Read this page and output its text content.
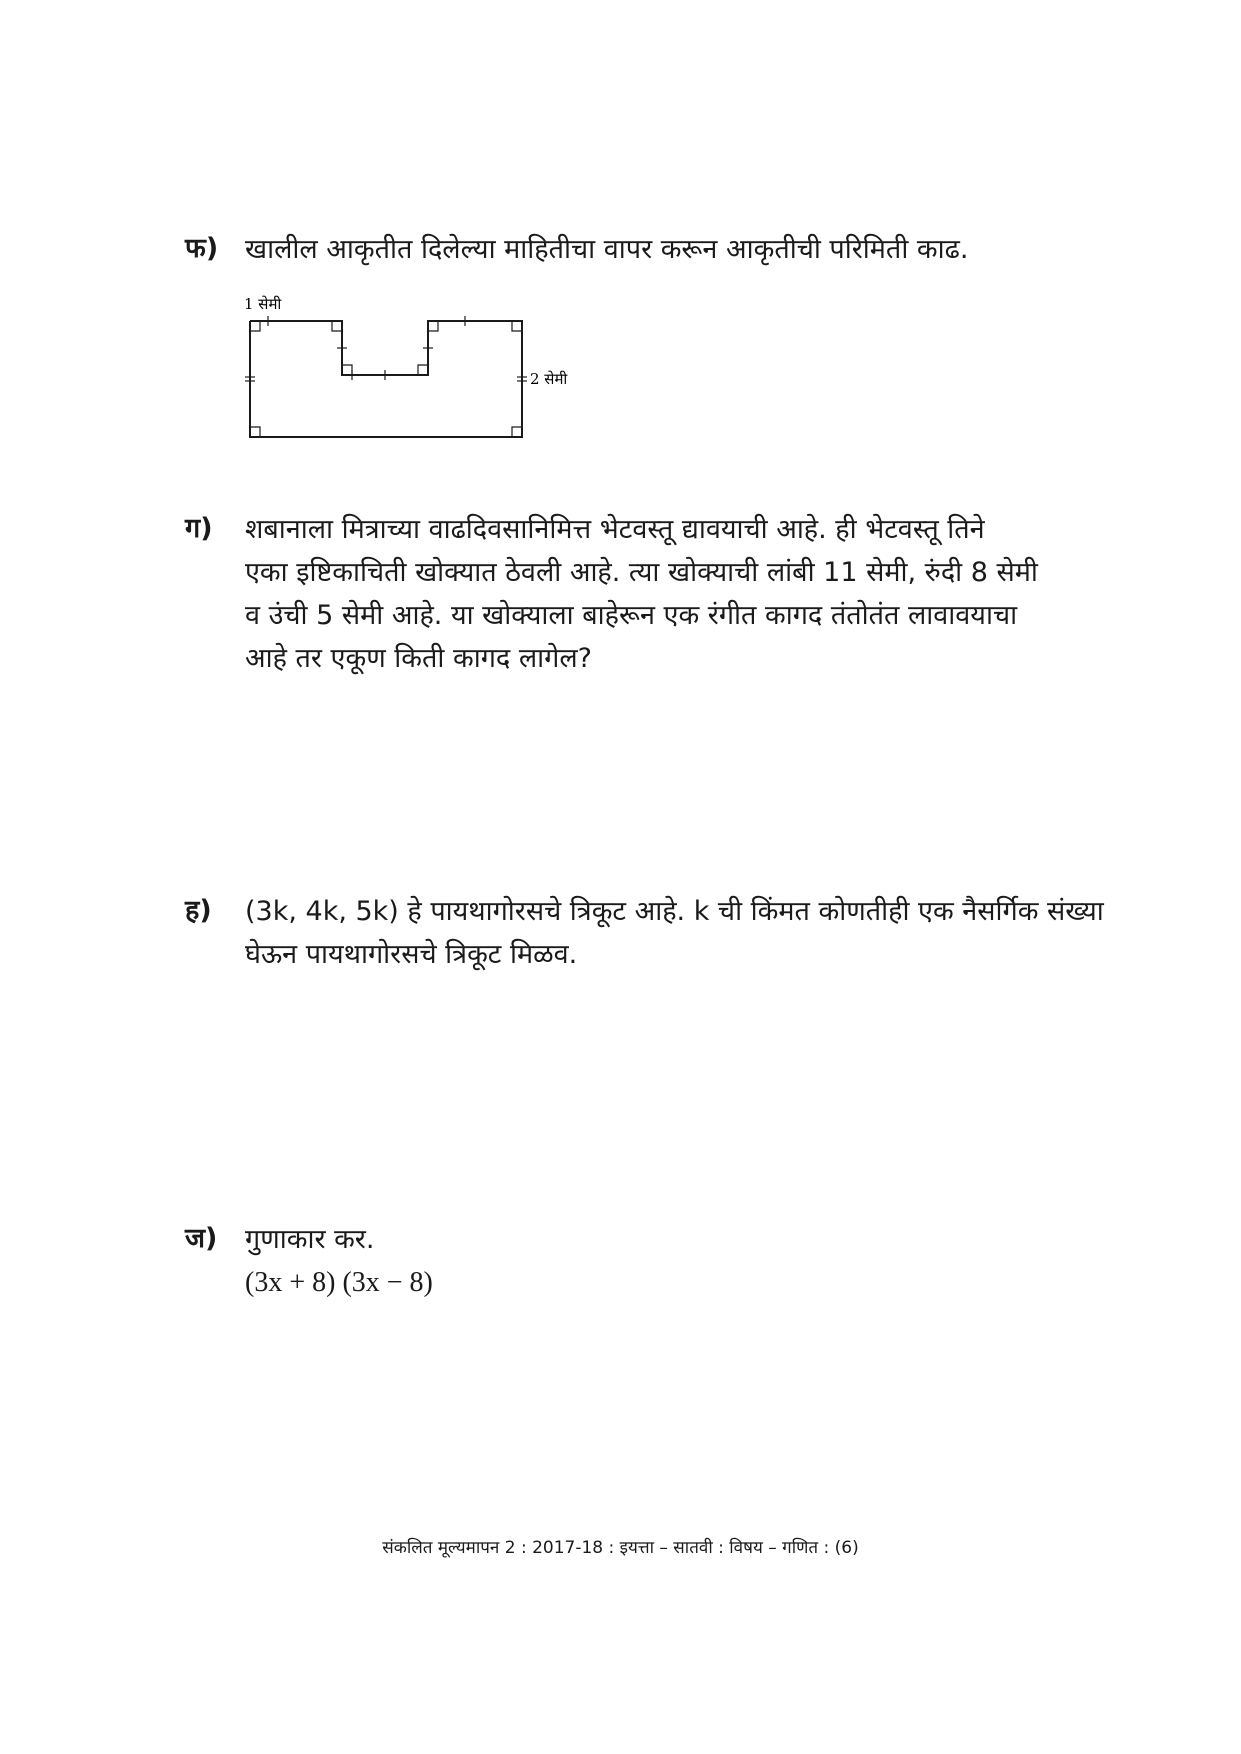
फ) खालील आकृतीत दिलेल्या माहितीचा वापर करून आकृतीची परिमिती काढ.
1 सेमी
2 सेमी
ग) शबानाला मित्राच्या वाढदिवसानिमित्त भेटवस्तू द्यावयाची आहे. ही भेटवस्तू तिने
एका इष्टिकाचिती खोक्यात ठेवली आहे. त्या खोक्याची लांबी 11 सेमी, रुंदी 8 सेमी
व उंची 5 सेमी आहे. या खोक्याला बाहेरून एक रंगीत कागद तंतोतंत लावावयाचा
आहे तर एकूण किती कागद लागेल?
ह) (3k, 4k, 5k) हे पायथागोरसचे त्रिकूट आहे. k ची किंमत कोणतीही एक नैसर्गिक संख्या
घेऊन पायथागोरसचे त्रिकूट मिळव.
ज) गुणाकार कर.
(3x + 8) (3x − 8)
संकलित मूल्यमापन 2 : 2017-18 : इयत्ता – सातवी : विषय – गणित : (6)
